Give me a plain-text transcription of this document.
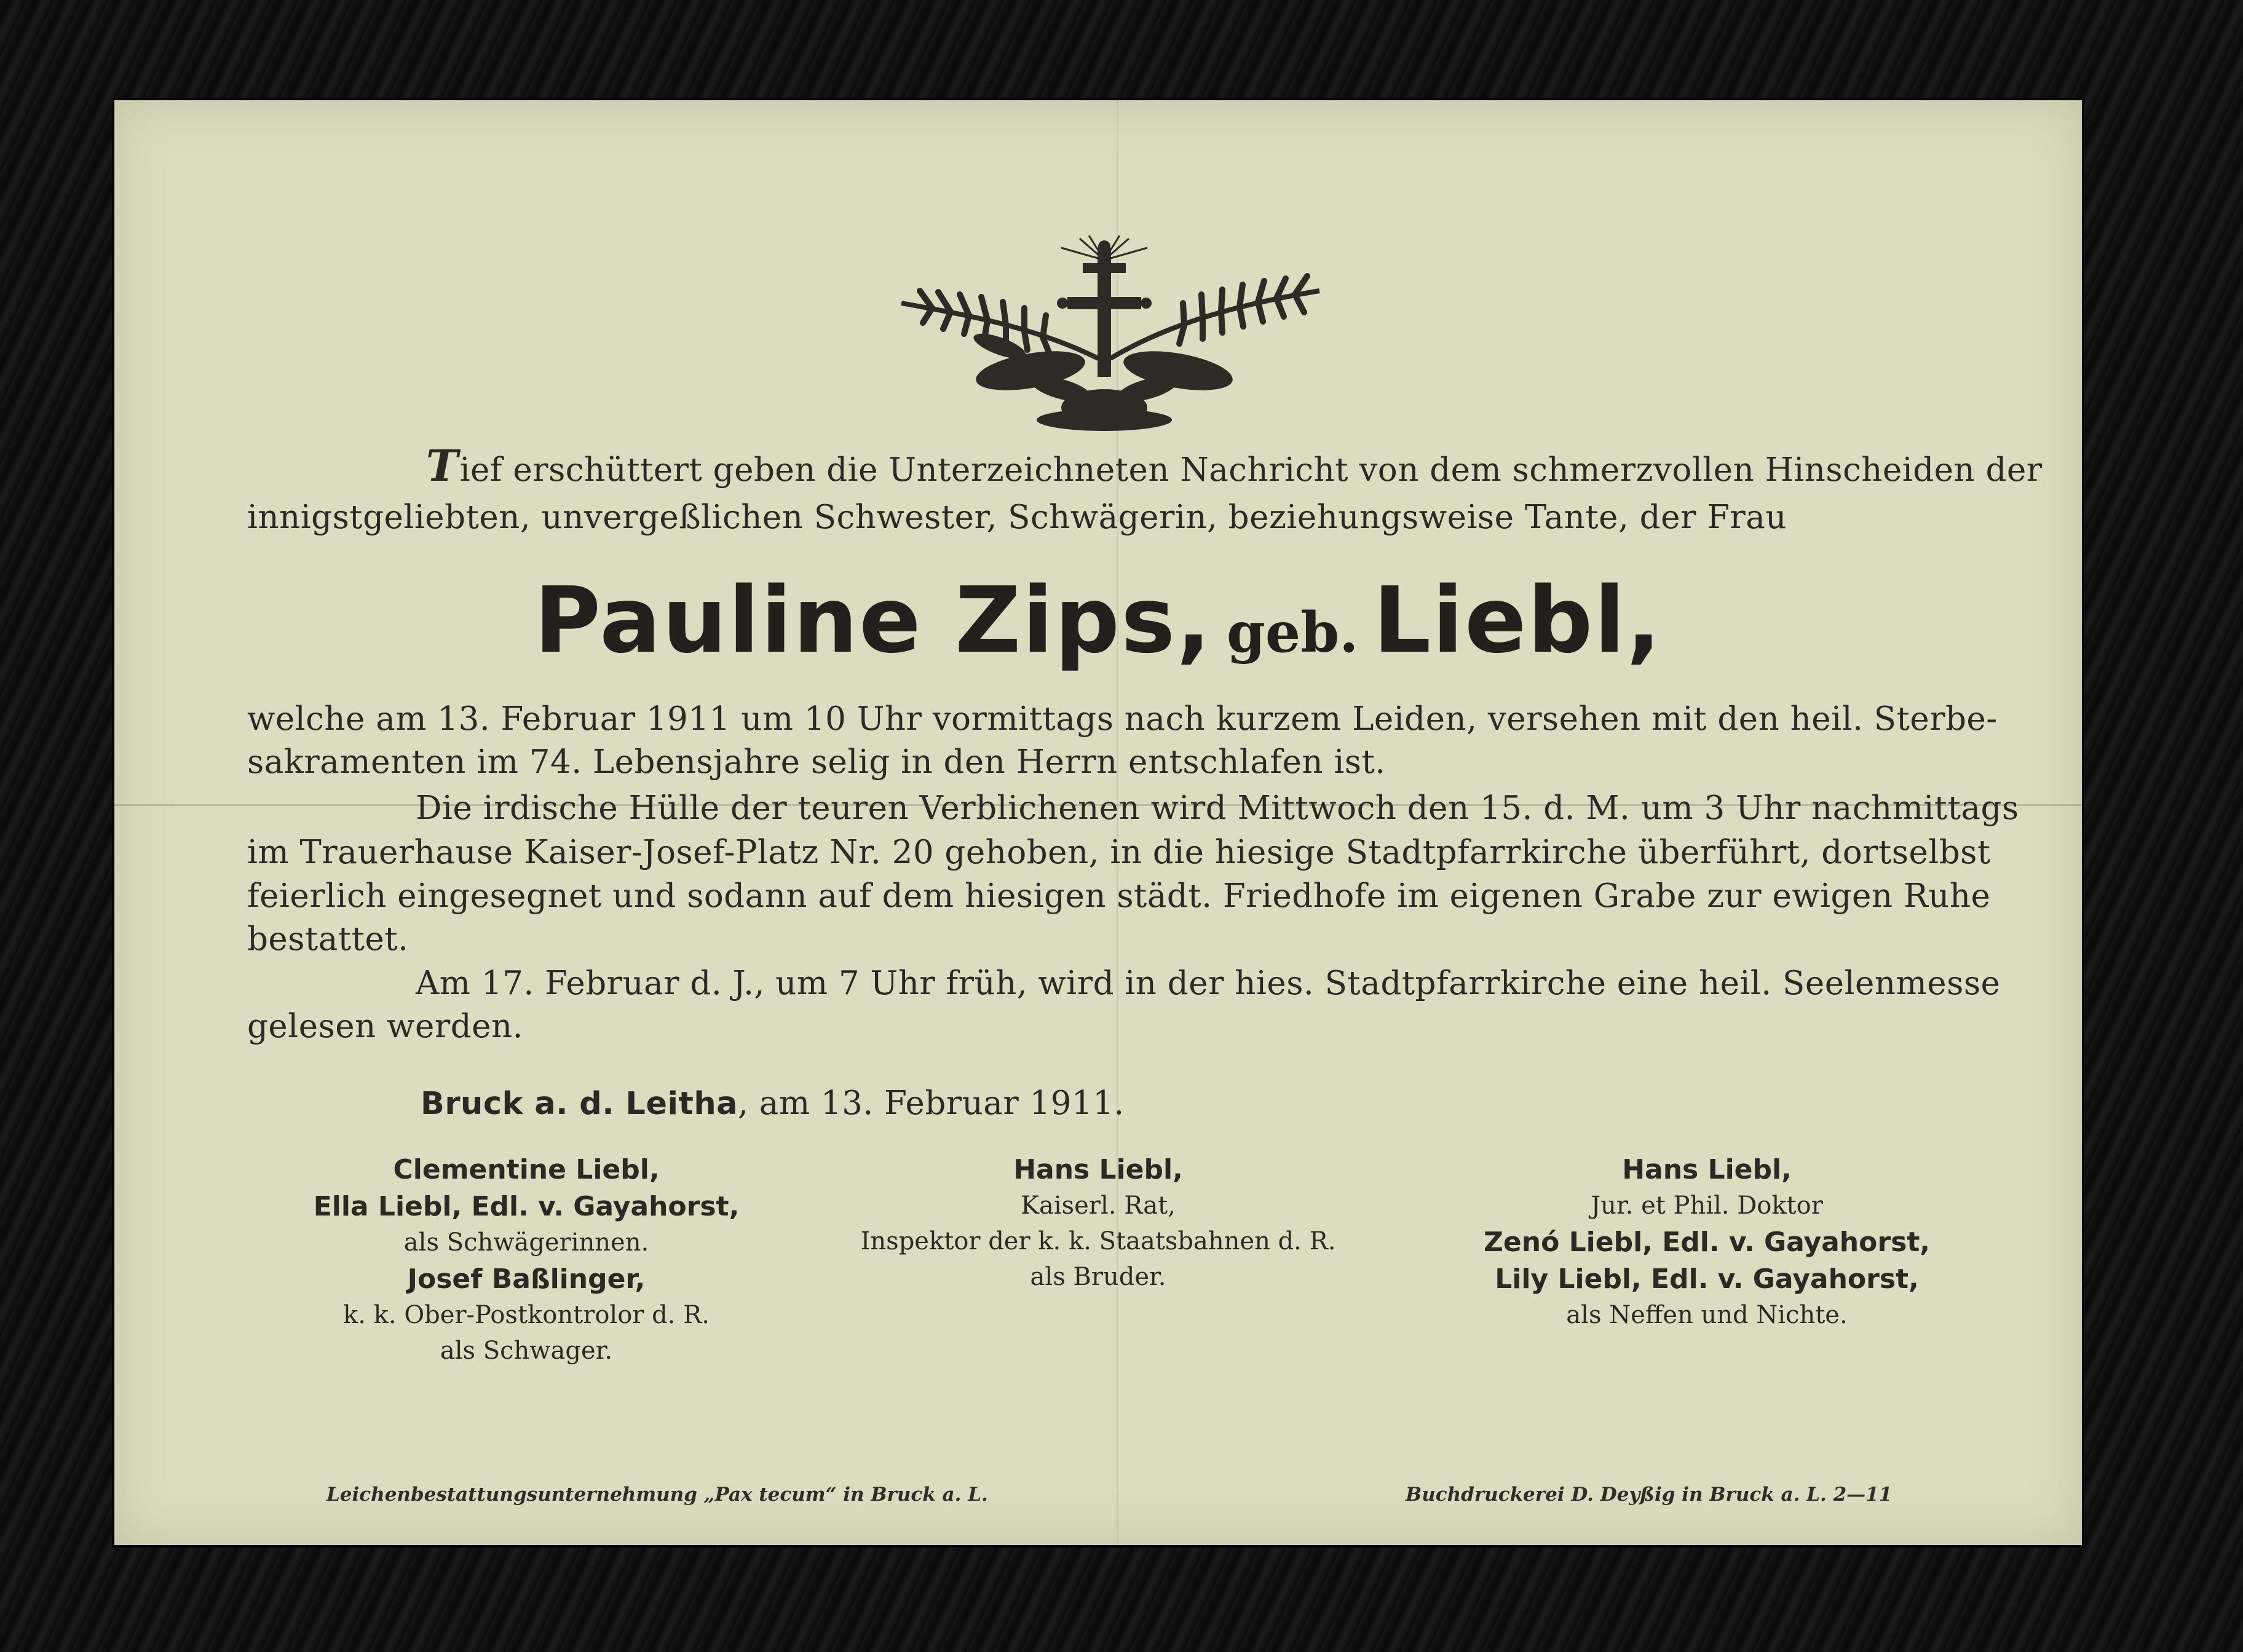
Tief erschüttert geben die Unterzeichneten Nachricht von dem schmerzvollen Hinscheiden der
innigstgeliebten, unvergeßlichen Schwester, Schwägerin, beziehungsweise Tante, der Frau
Pauline Zips, geb. Liebl,
welche am 13. Februar 1911 um 10 Uhr vormittags nach kurzem Leiden, versehen mit den heil. Sterbe-
sakramenten im 74. Lebensjahre selig in den Herrn entschlafen ist.
Die irdische Hülle der teuren Verblichenen wird Mittwoch den 15. d. M. um 3 Uhr nachmittags
im Trauerhause Kaiser-Josef-Platz Nr. 20 gehoben, in die hiesige Stadtpfarrkirche überführt, dortselbst
feierlich eingesegnet und sodann auf dem hiesigen städt. Friedhofe im eigenen Grabe zur ewigen Ruhe
bestattet.
Am 17. Februar d. J., um 7 Uhr früh, wird in der hies. Stadtpfarrkirche eine heil. Seelenmesse
gelesen werden.
Bruck a. d. Leitha, am 13. Februar 1911.
Clementine Liebl,
Ella Liebl, Edl. v. Gayahorst,
als Schwägerinnen.
Josef Baßlinger,
k. k. Ober-Postkontrolor d. R.
als Schwager.
Hans Liebl,
Kaiserl. Rat,
Inspektor der k. k. Staatsbahnen d. R.
als Bruder.
Hans Liebl,
Jur. et Phil. Doktor
Zenó Liebl, Edl. v. Gayahorst,
Lily Liebl, Edl. v. Gayahorst,
als Neffen und Nichte.
Leichenbestattungsunternehmung „Pax tecum“ in Bruck a. L.	Buchdruckerei D. Deyßig in Bruck a. L. 2—11
